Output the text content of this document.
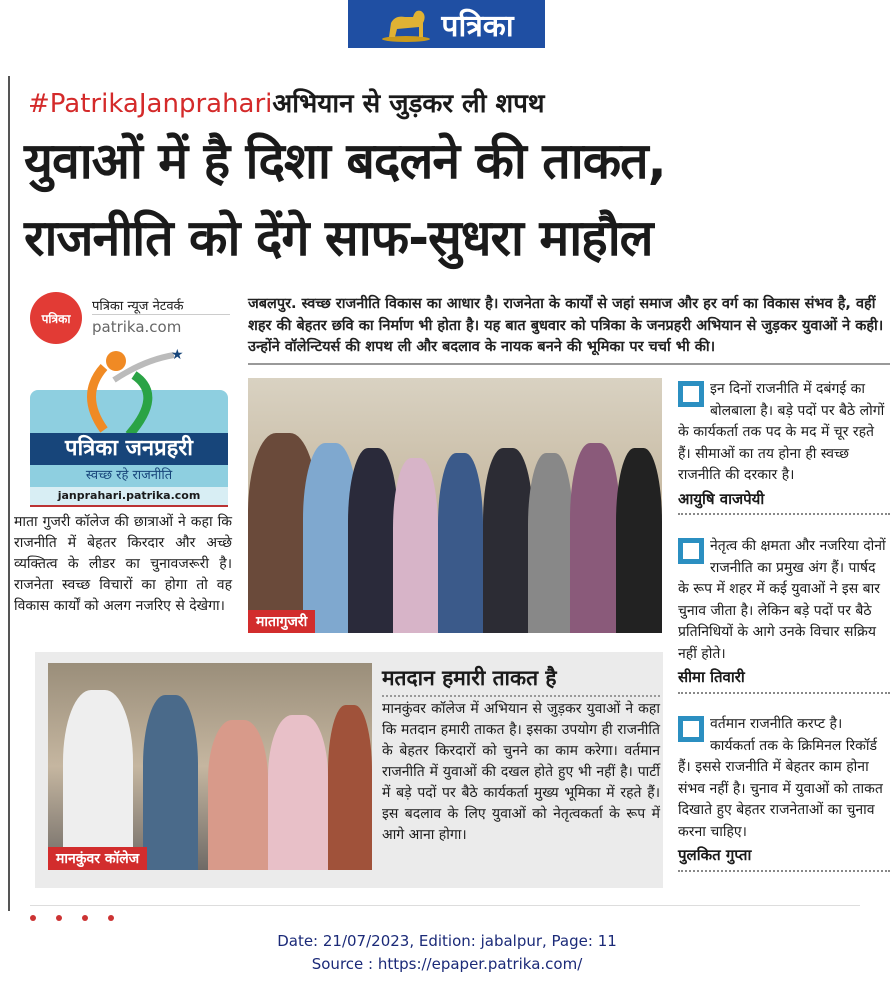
पत्रिका
#PatrikaJanprahariअभियान से जुड़कर ली शपथ
युवाओं में है दिशा बदलने की ताकत,
राजनीति को देंगे साफ-सुधरा माहौल
पत्रिका
पत्रिका न्यूज नेटवर्क
patrika.com
★
पत्रिका जनप्रहरी
स्वच्छ रहे राजनीति
janprahari.patrika.com
माता गुजरी कॉलेज की छात्राओं ने कहा कि राजनीति में बेहतर किरदार और अच्छे व्यक्तित्व के लीडर का चुनावजरूरी है। राजनेता स्वच्छ विचारों का होगा तो वह विकास कार्यों को अलग नजरिए से देखेगा।
जबलपुर. स्वच्छ राजनीति विकास का आधार है। राजनेता के कार्यों से जहां समाज और हर वर्ग का विकास संभव है, वहीं शहर की बेहतर छवि का निर्माण भी होता है। यह बात बुधवार को पत्रिका के जनप्रहरी अभियान से जुड़कर युवाओं ने कही। उन्होंने वॉलेन्टियर्स की शपथ ली और बदलाव के नायक बनने की भूमिका पर चर्चा भी की।
मातागुजरी
इन दिनों राजनीति में दबंगई का बोलबाला है। बड़े पदों पर बैठे लोगों के कार्यकर्ता तक पद के मद में चूर रहते हैं। सीमाओं का तय होना ही स्वच्छ राजनीति की दरकार है।
आयुषि वाजपेयी
नेतृत्व की क्षमता और नजरिया दोनों राजनीति का प्रमुख अंग हैं। पार्षद के रूप में शहर में कई युवाओं ने इस बार चुनाव जीता है। लेकिन बड़े पदों पर बैठे प्रतिनिधियों के आगे उनके विचार सक्रिय नहीं होते।
सीमा तिवारी
वर्तमान राजनीति करप्ट है। कार्यकर्ता तक के क्रिमिनल रिकॉर्ड हैं। इससे राजनीति में बेहतर काम होना संभव नहीं है। चुनाव में युवाओं को ताकत दिखाते हुए बेहतर राजनेताओं का चुनाव करना चाहिए।
पुलकित गुप्ता
मानकुंवर कॉलेज
मतदान हमारी ताकत है
मानकुंवर कॉलेज में अभियान से जुड़कर युवाओं ने कहा कि मतदान हमारी ताकत है। इसका उपयोग ही राजनीति के बेहतर किरदारों को चुनने का काम करेगा। वर्तमान राजनीति में युवाओं की दखल होते हुए भी नहीं है। पार्टी में बड़े पदों पर बैठे कार्यकर्ता मुख्य भूमिका में रहते हैं। इस बदलाव के लिए युवाओं को नेतृत्वकर्ता के रूप में आगे आना होगा।
Date: 21/07/2023, Edition: jabalpur, Page: 11
Source : https://epaper.patrika.com/
